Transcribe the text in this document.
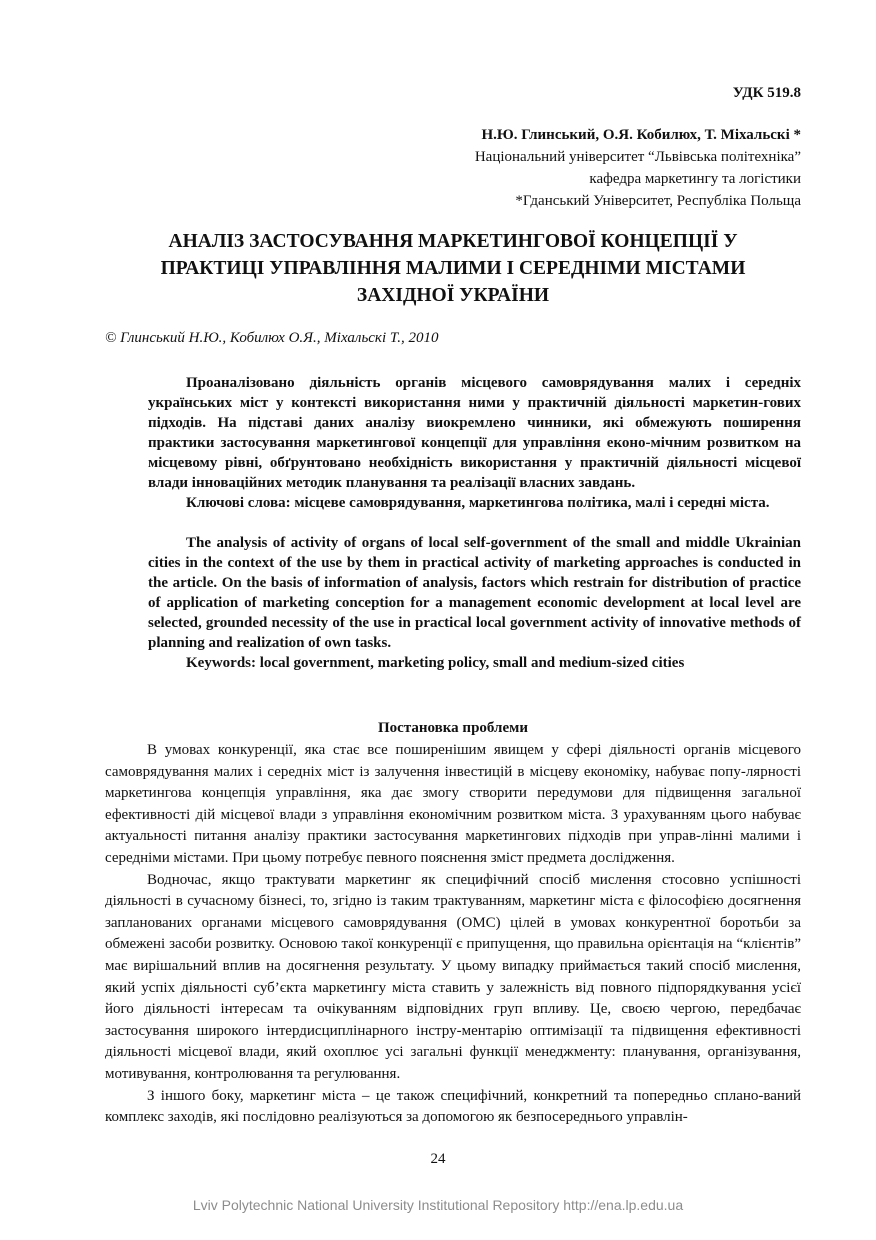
УДК 519.8
Н.Ю. Глинський, О.Я. Кобилюх, Т. Міхальскі *
Національний університет “Львівська політехніка”
кафедра маркетингу та логістики
*Гданський Університет, Республіка Польща
АНАЛІЗ ЗАСТОСУВАННЯ МАРКЕТИНГОВОЇ КОНЦЕПЦІЇ У
ПРАКТИЦІ УПРАВЛІННЯ МАЛИМИ І СЕРЕДНІМИ МІСТАМИ
ЗАХІДНОЇ УКРАЇНИ
© Глинський Н.Ю., Кобилюх О.Я., Міхальскі Т., 2010

Проаналізовано діяльність органів місцевого самоврядування малих і середніх українських міст у контексті використання ними у практичній діяльності маркетин-гових підходів. На підставі даних аналізу виокремлено чинники, які обмежують поширення практики застосування маркетингової концепції для управління еконо-мічним розвитком на місцевому рівні, обґрунтовано необхідність використання у практичній діяльності місцевої влади інноваційних методик планування та реалізації власних завдань.

Ключові слова: місцеве самоврядування, маркетингова політика, малі і середні міста.

The analysis of activity of organs of local self-government of the small and middle Ukrainian cities in the context of the use by them in practical activity of marketing approaches is conducted in the article. On the basis of information of analysis, factors which restrain for distribution of practice of application of marketing conception for a management economic development at local level are selected, grounded necessity of the use in practical local government activity of innovative methods of planning and realization of own tasks.

Keywords: local government, marketing policy, small and medium-sized cities

Постановка проблеми

В умовах конкуренції, яка стає все поширенішим явищем у сфері діяльності органів місцевого самоврядування малих і середніх міст із залучення інвестицій в місцеву економіку, набуває попу-лярності маркетингова концепція управління, яка дає змогу створити передумови для підвищення загальної ефективності дій місцевої влади з управління економічним розвитком міста. З урахуванням цього набуває актуальності питання аналізу практики застосування маркетингових підходів при управ-лінні малими і середніми містами. При цьому потребує певного пояснення зміст предмета дослідження.

Водночас, якщо трактувати маркетинг як специфічний спосіб мислення стосовно успішності діяльності в сучасному бізнесі, то, згідно із таким трактуванням, маркетинг міста є філософією досягнення запланованих органами місцевого самоврядування (ОМС) цілей в умовах конкурентної боротьби за обмежені засоби розвитку. Основою такої конкуренції є припущення, що правильна орієнтація на “клієнтів” має вирішальний вплив на досягнення результату. У цьому випадку приймається такий спосіб мислення, який успіх діяльності суб’єкта маркетингу міста ставить у залежність від повного підпорядкування усієї його діяльності інтересам та очікуванням відповідних груп впливу. Це, своєю чергою, передбачає застосування широкого інтердисциплінарного інстру-ментарію оптимізації та підвищення ефективності діяльності місцевої влади, який охоплює усі загальні функції менеджменту: планування, організування, мотивування, контролювання та регулювання.

З іншого боку, маркетинг міста – це також специфічний, конкретний та попередньо сплано-ваний комплекс заходів, які послідовно реалізуються за допомогою як безпосереднього управлін-

24
Lviv Polytechnic National University Institutional Repository http://ena.lp.edu.ua
